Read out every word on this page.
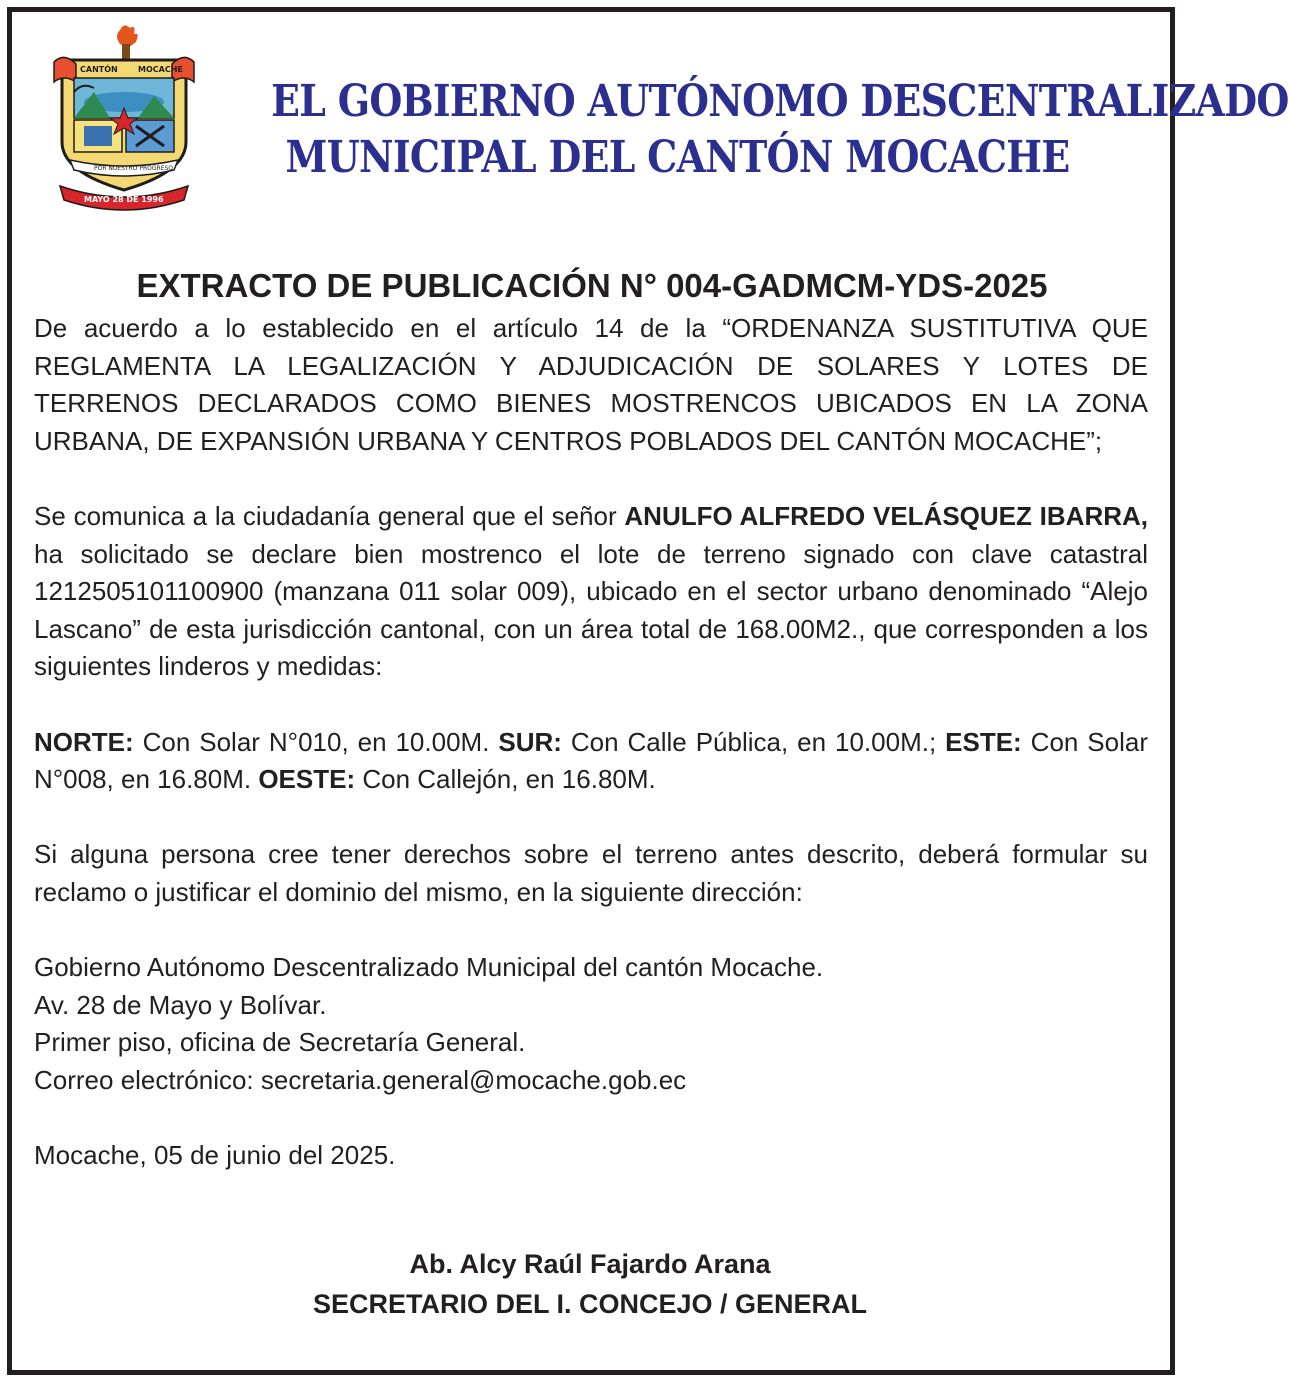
CANTÓN	MOCACHE
POR NUESTRO PROGRESO
MAYO 28 DE 1996
EL GOBIERNO AUTÓNOMO DESCENTRALIZADO
MUNICIPAL DEL CANTÓN MOCACHE
EXTRACTO DE PUBLICACIÓN N° 004-GADMCM-YDS-2025

De acuerdo a lo establecido en el artículo 14 de la “ORDENANZA SUSTITUTIVA QUE REGLAMENTA LA LEGALIZACIÓN Y ADJUDICACIÓN DE SOLARES Y LOTES DE TERRENOS DECLARADOS COMO BIENES MOSTRENCOS UBICADOS EN LA ZONA URBANA, DE EXPANSIÓN URBANA Y CENTROS POBLADOS DEL CANTÓN MOCACHE”;

Se comunica a la ciudadanía general que el señor ANULFO ALFREDO VELÁSQUEZ IBARRA, ha solicitado se declare bien mostrenco el lote de terreno signado con clave catastral 1212505101100900 (manzana 011 solar 009), ubicado en el sector urbano denominado “Alejo Lascano” de esta jurisdicción cantonal, con un área total de 168.00M2., que corresponden a los siguientes linderos y medidas:

NORTE: Con Solar N°010, en 10.00M. SUR: Con Calle Pública, en 10.00M.; ESTE: Con Solar N°008, en 16.80M. OESTE: Con Callejón, en 16.80M.

Si alguna persona cree tener derechos sobre el terreno antes descrito, deberá formular su reclamo o justificar el dominio del mismo, en la siguiente dirección:

Gobierno Autónomo Descentralizado Municipal del cantón Mocache.

Av. 28 de Mayo y Bolívar.

Primer piso, oficina de Secretaría General.

Correo electrónico: secretaria.general@mocache.gob.ec

Mocache, 05 de junio del 2025.

Ab. Alcy Raúl Fajardo Arana
SECRETARIO DEL I. CONCEJO / GENERAL
